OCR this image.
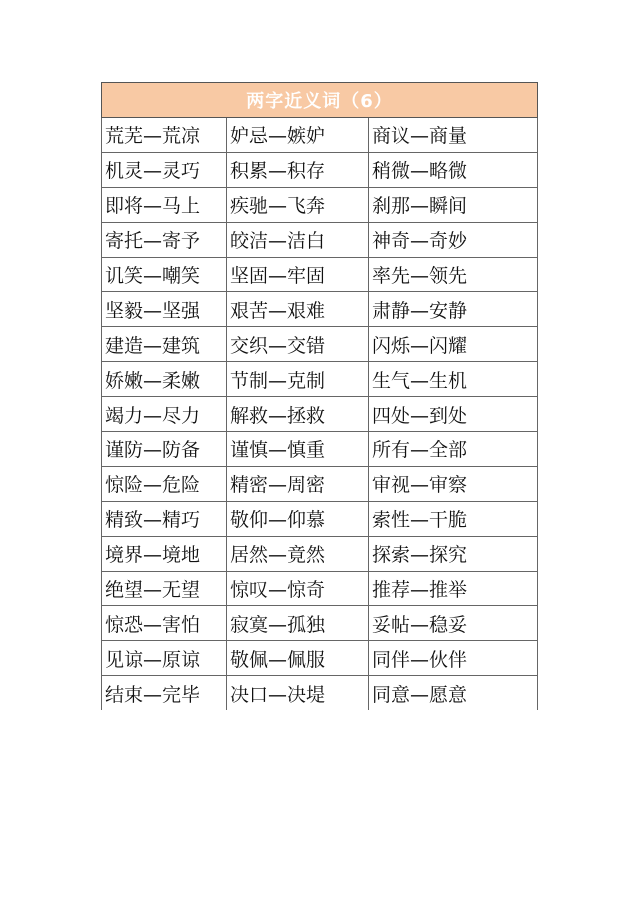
两字近义词（6）		
荒芜—荒凉	妒忌—嫉妒	商议—商量
机灵—灵巧	积累—积存	稍微—略微
即将—马上	疾驰—飞奔	刹那—瞬间
寄托—寄予	皎洁—洁白	神奇—奇妙
讥笑—嘲笑	坚固—牢固	率先—领先
坚毅—坚强	艰苦—艰难	肃静—安静
建造—建筑	交织—交错	闪烁—闪耀
娇嫩—柔嫩	节制—克制	生气—生机
竭力—尽力	解救—拯救	四处—到处
谨防—防备	谨慎—慎重	所有—全部
惊险—危险	精密—周密	审视—审察
精致—精巧	敬仰—仰慕	索性—干脆
境界—境地	居然—竟然	探索—探究
绝望—无望	惊叹—惊奇	推荐—推举
惊恐—害怕	寂寞—孤独	妥帖—稳妥
见谅—原谅	敬佩—佩服	同伴—伙伴
结束—完毕	决口—决堤	同意—愿意
